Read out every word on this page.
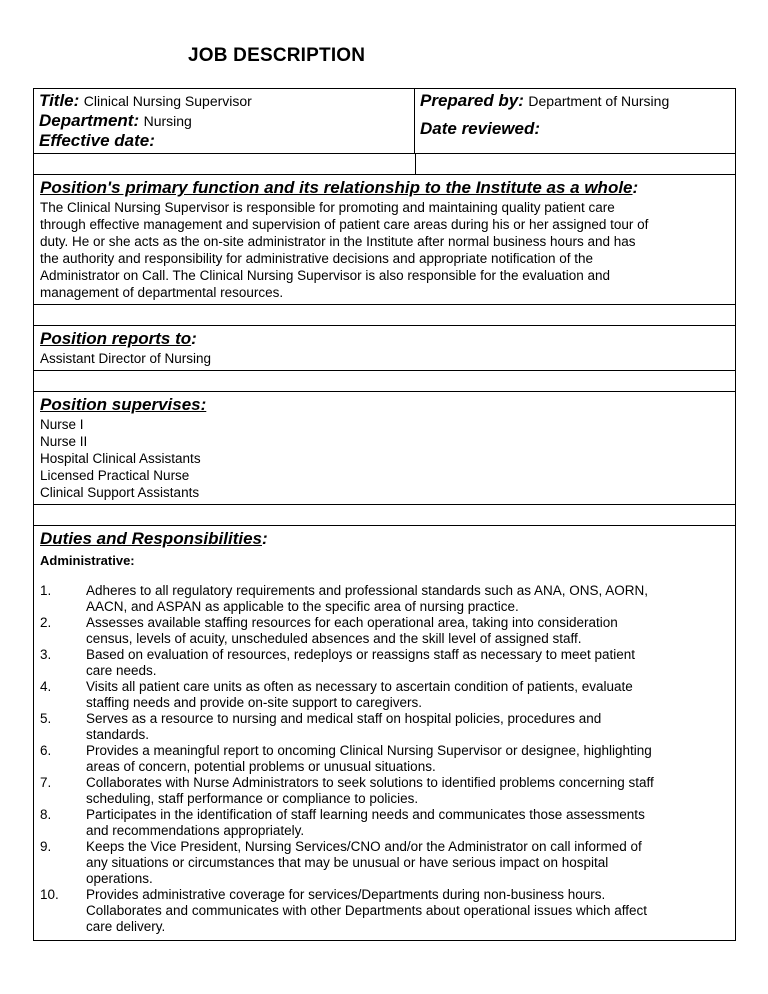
JOB DESCRIPTION
Title: Clinical Nursing Supervisor
Department: Nursing
Effective date:
Prepared by: Department of Nursing
Date reviewed:
Position's primary function and its relationship to the Institute as a whole:
The Clinical Nursing Supervisor is responsible for promoting and maintaining quality patient care
through effective management and supervision of patient care areas during his or her assigned tour of
duty. He or she acts as the on-site administrator in the Institute after normal business hours and has
the authority and responsibility for administrative decisions and appropriate notification of the
Administrator on Call. The Clinical Nursing Supervisor is also responsible for the evaluation and
management of departmental resources.
Position reports to:
Assistant Director of Nursing
Position supervises:
Nurse I
Nurse II
Hospital Clinical Assistants
Licensed Practical Nurse
Clinical Support Assistants
Duties and Responsibilities:
Administrative:
1.	Adheres to all regulatory requirements and professional standards such as ANA, ONS, AORN,
AACN, and ASPAN as applicable to the specific area of nursing practice.
2.	Assesses available staffing resources for each operational area, taking into consideration
census, levels of acuity, unscheduled absences and the skill level of assigned staff.
3.	Based on evaluation of resources, redeploys or reassigns staff as necessary to meet patient
care needs.
4.	Visits all patient care units as often as necessary to ascertain condition of patients, evaluate
staffing needs and provide on-site support to caregivers.
5.	Serves as a resource to nursing and medical staff on hospital policies, procedures and
standards.
6.	Provides a meaningful report to oncoming Clinical Nursing Supervisor or designee, highlighting
areas of concern, potential problems or unusual situations.
7.	Collaborates with Nurse Administrators to seek solutions to identified problems concerning staff
scheduling, staff performance or compliance to policies.
8.	Participates in the identification of staff learning needs and communicates those assessments
and recommendations appropriately.
9.	Keeps the Vice President, Nursing Services/CNO and/or the Administrator on call informed of
any situations or circumstances that may be unusual or have serious impact on hospital
operations.
10.	Provides administrative coverage for services/Departments during non-business hours.
Collaborates and communicates with other Departments about operational issues which affect
care delivery.
